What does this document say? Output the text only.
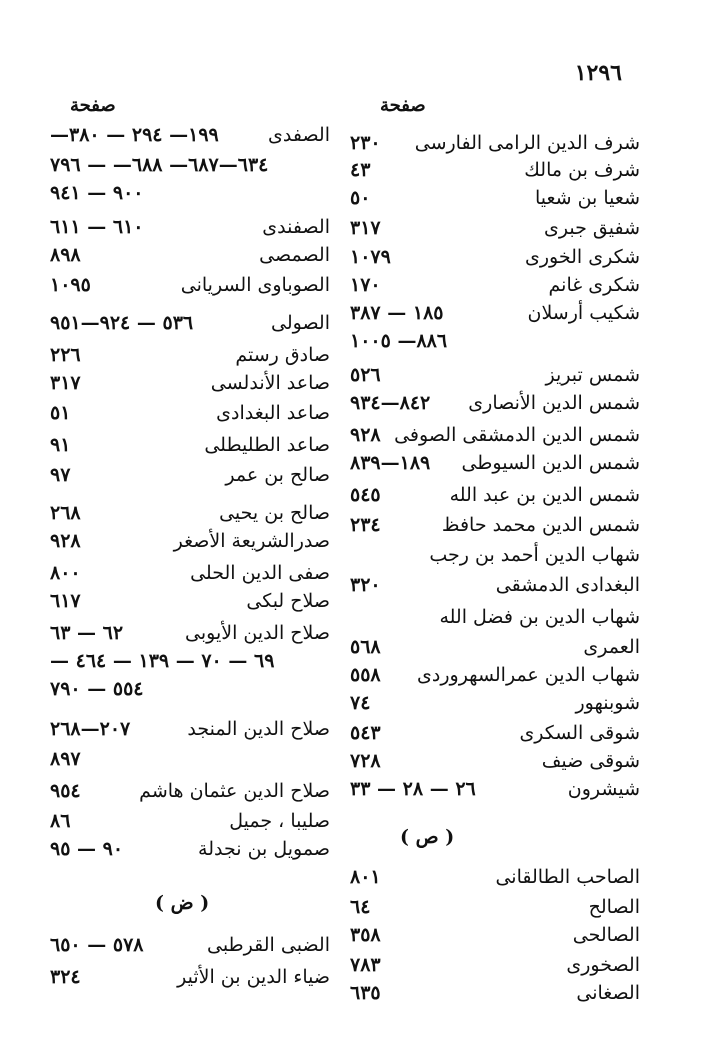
١٢٩٦
صفحة
شرف الدين الرامى الفارسى
٢٣٠
شرف بن مالك
٤٣
شعيا بن شعيا
٥٠
شفيق جبرى
٣١٧
شكرى الخورى
١٠٧٩
شكرى غانم
١٧٠
شكيب أرسلان
١٨٥ — ٣٨٧
٨٨٦— ١٠٠٥
شمس تبريز
٥٢٦
شمس الدين الأنصارى
٨٤٢—٩٣٤
شمس الدين الدمشقى الصوفى
٩٢٨
شمس الدين السيوطى
١٨٩—٨٣٩
شمس الدين بن عبد الله
٥٤٥
شمس الدين محمد حافظ
٢٣٤
شهاب الدين أحمد بن رجب
البغدادى الدمشقى
٣٢٠
شهاب الدين بن فضل الله
العمرى
٥٦٨
شهاب الدين عمرالسهروردى
٥٥٨
شوبنهور
٧٤
شوقى السكرى
٥٤٣
شوقى ضيف
٧٢٨
شيشرون
٢٦ — ٢٨ — ٣٣
( ص )
الصاحب الطالقانى
٨٠١
الصالح
٦٤
الصالحى
٣٥٨
الصخورى
٧٨٣
الصغانى
٦٣٥
صفحة
الصفدى
١٩٩— ٢٩٤ — ٣٨٠—
٦٣٤—٦٨٧— ٦٨٨— — ٧٩٦
٩٠٠ — ٩٤١
الصفندى
٦١٠ — ٦١١
الصمصى
٨٩٨
الصوباوى السريانى
١٠٩٥
الصولى
٥٣٦ — ٩٢٤—٩٥١
صادق رستم
٢٢٦
صاعد الأندلسى
٣١٧
صاعد البغدادى
٥١
صاعد الطليطلى
٩١
صالح بن عمر
٩٧
صالح بن يحيى
٢٦٨
صدرالشريعة الأصغر
٩٢٨
صفى الدين الحلى
٨٠٠
صلاح لبكى
٦١٧
صلاح الدين الأيوبى
٦٢ — ٦٣
٦٩ — ٧٠ — ١٣٩ — ٤٦٤ —
٥٥٤ — ٧٩٠
صلاح الدين المنجد
٢٠٧—٢٦٨
٨٩٧
صلاح الدين عثمان هاشم
٩٥٤
صليبا ، جميل
٨٦
صمويل بن نجدلة
٩٠ — ٩٥
( ض )
الضبى القرطبى
٥٧٨ — ٦٥٠
ضياء الدين بن الأثير
٣٢٤
